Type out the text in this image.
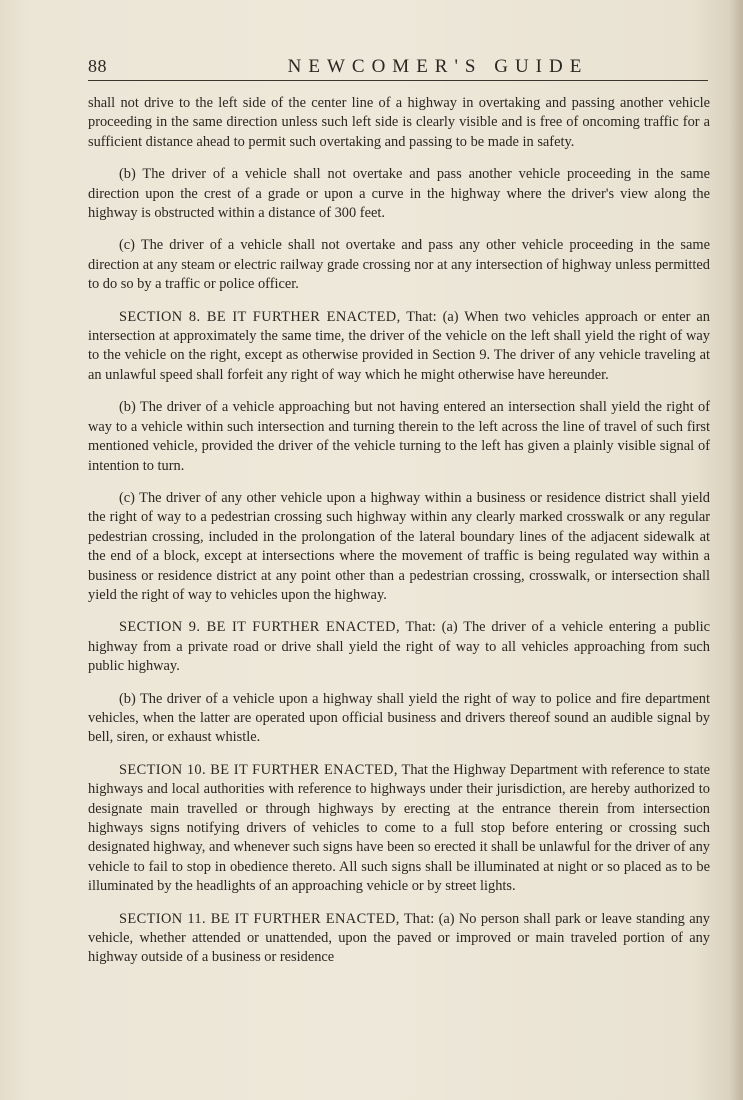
88	NEWCOMER'S GUIDE

shall not drive to the left side of the center line of a highway in overtaking and passing another vehicle proceeding in the same direction unless such left side is clearly visible and is free of oncoming traffic for a sufficient distance ahead to permit such overtaking and passing to be made in safety.

(b) The driver of a vehicle shall not overtake and pass another vehicle proceeding in the same direction upon the crest of a grade or upon a curve in the highway where the driver's view along the highway is obstructed within a distance of 300 feet.

(c) The driver of a vehicle shall not overtake and pass any other vehicle proceeding in the same direction at any steam or electric railway grade crossing nor at any intersection of highway unless permitted to do so by a traffic or police officer.

SECTION 8. BE IT FURTHER ENACTED, That: (a) When two vehicles approach or enter an intersection at approximately the same time, the driver of the vehicle on the left shall yield the right of way to the vehicle on the right, except as otherwise provided in Section 9. The driver of any vehicle traveling at an unlawful speed shall forfeit any right of way which he might otherwise have hereunder.

(b) The driver of a vehicle approaching but not having entered an intersection shall yield the right of way to a vehicle within such intersection and turning therein to the left across the line of travel of such first mentioned vehicle, provided the driver of the vehicle turning to the left has given a plainly visible signal of intention to turn.

(c) The driver of any other vehicle upon a highway within a business or residence district shall yield the right of way to a pedestrian crossing such highway within any clearly marked crosswalk or any regular pedestrian crossing, included in the prolongation of the lateral boundary lines of the adjacent sidewalk at the end of a block, except at intersections where the movement of traffic is being regulated way within a business or residence district at any point other than a pedestrian crossing, crosswalk, or intersection shall yield the right of way to vehicles upon the highway.

SECTION 9. BE IT FURTHER ENACTED, That: (a) The driver of a vehicle entering a public highway from a private road or drive shall yield the right of way to all vehicles approaching from such public highway.

(b) The driver of a vehicle upon a highway shall yield the right of way to police and fire department vehicles, when the latter are operated upon official business and drivers thereof sound an audible signal by bell, siren, or exhaust whistle.

SECTION 10. BE IT FURTHER ENACTED, That the Highway Department with reference to state highways and local authorities with reference to highways under their jurisdiction, are hereby authorized to designate main travelled or through highways by erecting at the entrance therein from intersection highways signs notifying drivers of vehicles to come to a full stop before entering or crossing such designated highway, and whenever such signs have been so erected it shall be unlawful for the driver of any vehicle to fail to stop in obedience thereto. All such signs shall be illuminated at night or so placed as to be illuminated by the headlights of an approaching vehicle or by street lights.

SECTION 11. BE IT FURTHER ENACTED, That: (a) No person shall park or leave standing any vehicle, whether attended or unattended, upon the paved or improved or main traveled portion of any highway outside of a business or residence
